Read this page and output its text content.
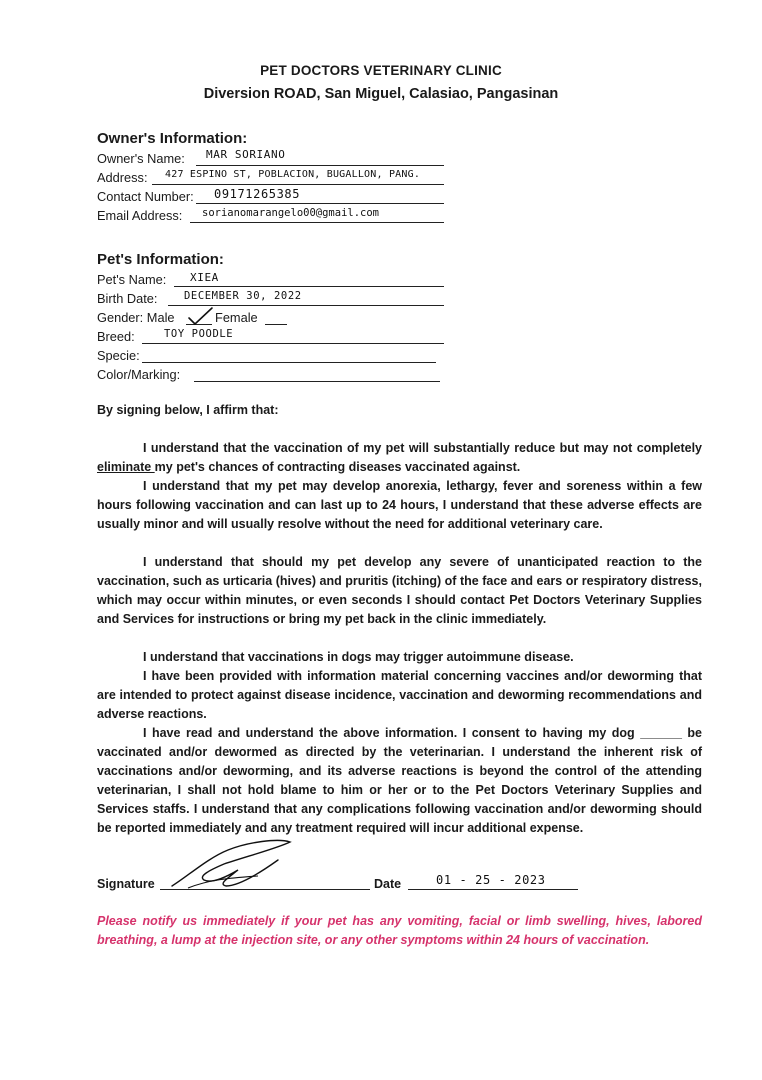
PET DOCTORS VETERINARY CLINIC
Diversion ROAD, San Miguel, Calasiao, Pangasinan
Owner's Information:
Owner's Name: MAR SORIANO
Address: 427 ESPINO ST, POBLACION, BUGALLON, PANG.
Contact Number: 09171265385
Email Address: sorianomarangelo00@gmail.com
Pet's Information:
Pet's Name: XIEA
Birth Date:	DECEMBER 30, 2022
Gender: Male	Female
Breed:	TOY POODLE
Specie:
Color/Marking:
By signing below, I affirm that:

I understand that the vaccination of my pet will substantially reduce but may not completely eliminate my pet's chances of contracting diseases vaccinated against.

I understand that my pet may develop anorexia, lethargy, fever and soreness within a few hours following vaccination and can last up to 24 hours, I understand that these adverse effects are usually minor and will usually resolve without the need for additional veterinary care.

I understand that should my pet develop any severe of unanticipated reaction to the vaccination, such as urticaria (hives) and pruritis (itching) of the face and ears or respiratory distress, which may occur within minutes, or even seconds I should contact Pet Doctors Veterinary Supplies and Services for instructions or bring my pet back in the clinic immediately.

I understand that vaccinations in dogs may trigger autoimmune disease.

I have been provided with information material concerning vaccines and/or deworming that are intended to protect against disease incidence, vaccination and deworming recommendations and adverse reactions.

I have read and understand the above information. I consent to having my dog ______ be vaccinated and/or dewormed as directed by the veterinarian. I understand the inherent risk of vaccinations and/or deworming, and its adverse reactions is beyond the control of the attending veterinarian, I shall not hold blame to him or her or to the Pet Doctors Veterinary Supplies and Services staffs. I understand that any complications following vaccination and/or deworming should be reported immediately and any treatment required will incur additional expense.

Signature	Date	01 - 25 - 2023
Please notify us immediately if your pet has any vomiting, facial or limb swelling, hives, labored breathing, a lump at the injection site, or any other symptoms within 24 hours of vaccination.
